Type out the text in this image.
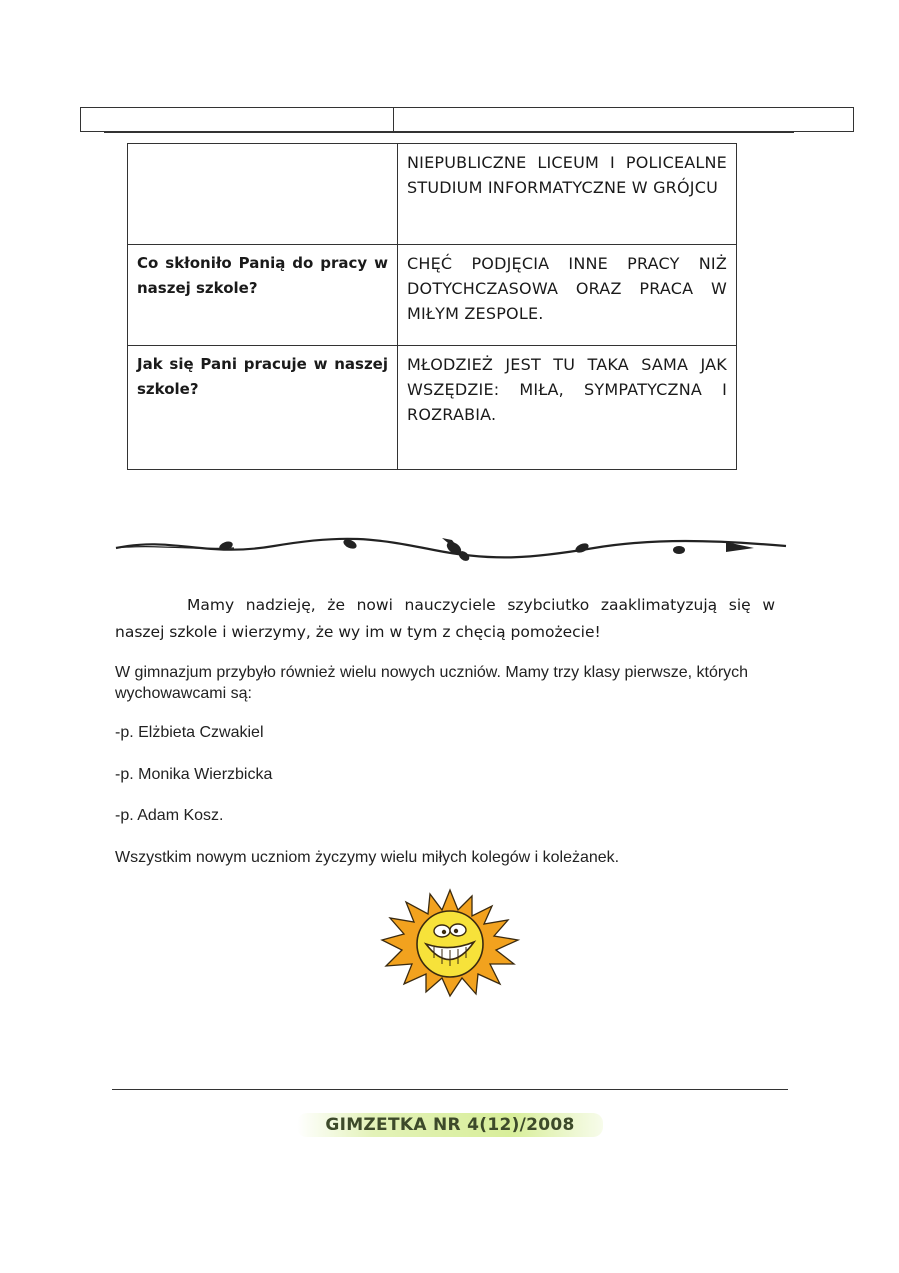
	NIEPUBLICZNE LICEUM I POLICEALNE STUDIUM INFORMATYCZNE W GRÓJCU
Co skłoniło Panią do pracy w naszej szkole?	CHĘĆ PODJĘCIA INNE PRACY NIŻ DOTYCHCZASOWA ORAZ PRACA W MIŁYM ZESPOLE.
Jak się Pani pracuje w naszej szkole?	MŁODZIEŻ JEST TU TAKA SAMA JAK WSZĘDZIE: MIŁA, SYMPATYCZNA I ROZRABIA.
Mamy nadzieję, że nowi nauczyciele szybciutko zaaklimatyzują się w naszej szkole i wierzymy, że wy im w tym z chęcią pomożecie!
W gimnazjum przybyło również wielu nowych uczniów. Mamy trzy klasy pierwsze, których wychowawcami są:
-p. Elżbieta Czwakiel
-p. Monika Wierzbicka
-p. Adam Kosz.
Wszystkim nowym uczniom życzymy wielu miłych kolegów i koleżanek.
GIMZETKA NR 4(12)/2008
